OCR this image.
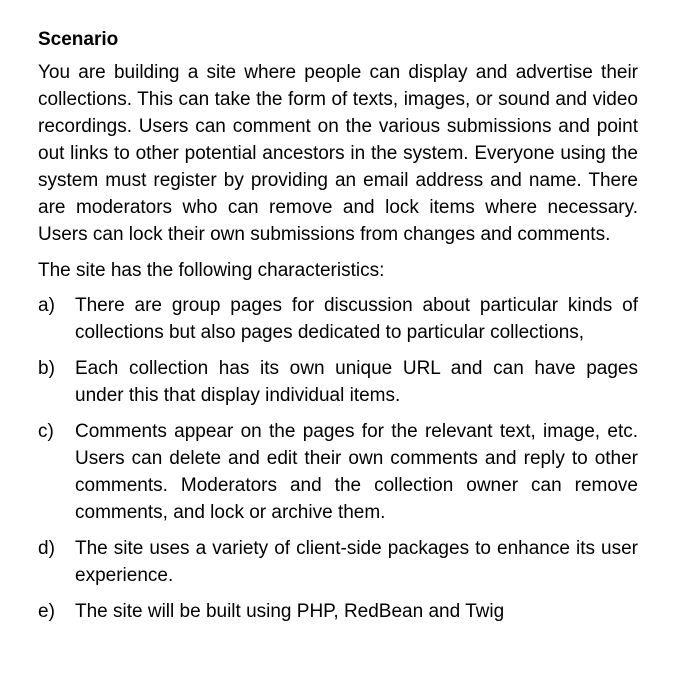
Scenario

You are building a site where people can display and advertise their collections. This can take the form of texts, images, or sound and video recordings. Users can comment on the various submissions and point out links to other potential ancestors in the system. Everyone using the system must register by providing an email address and name. There are moderators who can remove and lock items where necessary. Users can lock their own submissions from changes and comments.

The site has the following characteristics:

a)	There are group pages for discussion about particular kinds of collections but also pages dedicated to particular collections,
b)	Each collection has its own unique URL and can have pages under this that display individual items.
c)	Comments appear on the pages for the relevant text, image, etc. Users can delete and edit their own comments and reply to other comments. Moderators and the collection owner can remove comments, and lock or archive them.
d)	The site uses a variety of client-side packages to enhance its user experience.
e)	The site will be built using PHP, RedBean and Twig
